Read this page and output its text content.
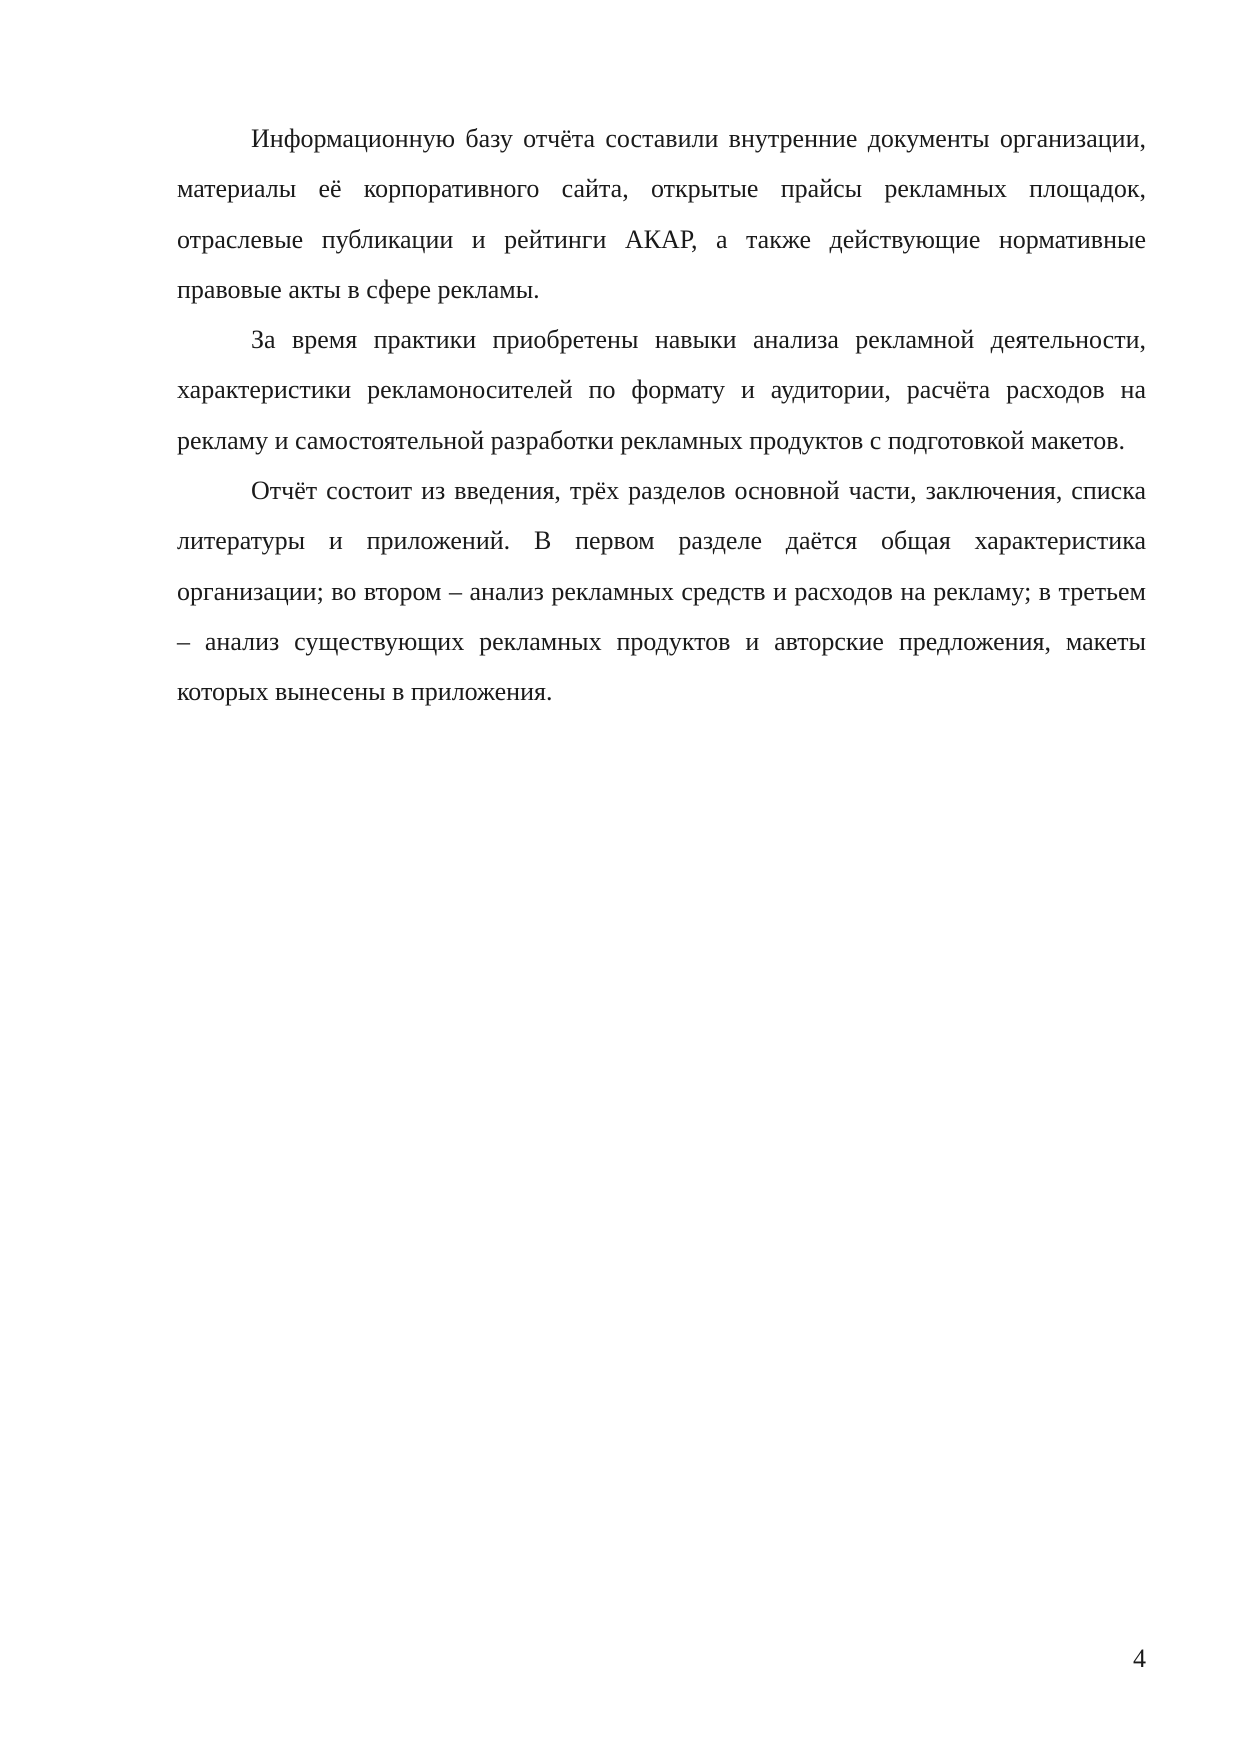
Информационную базу отчёта составили внутренние документы организации, материалы её корпоративного сайта, открытые прайсы рекламных площадок, отраслевые публикации и рейтинги АКАР, а также действующие нормативные правовые акты в сфере рекламы.

За время практики приобретены навыки анализа рекламной деятельности, характеристики рекламоносителей по формату и аудитории, расчёта расходов на рекламу и самостоятельной разработки рекламных продуктов с подготовкой макетов.

Отчёт состоит из введения, трёх разделов основной части, заключения, списка литературы и приложений. В первом разделе даётся общая характеристика организации; во втором – анализ рекламных средств и расходов на рекламу; в третьем – анализ существующих рекламных продуктов и авторские предложения, макеты которых вынесены в приложения.

4
